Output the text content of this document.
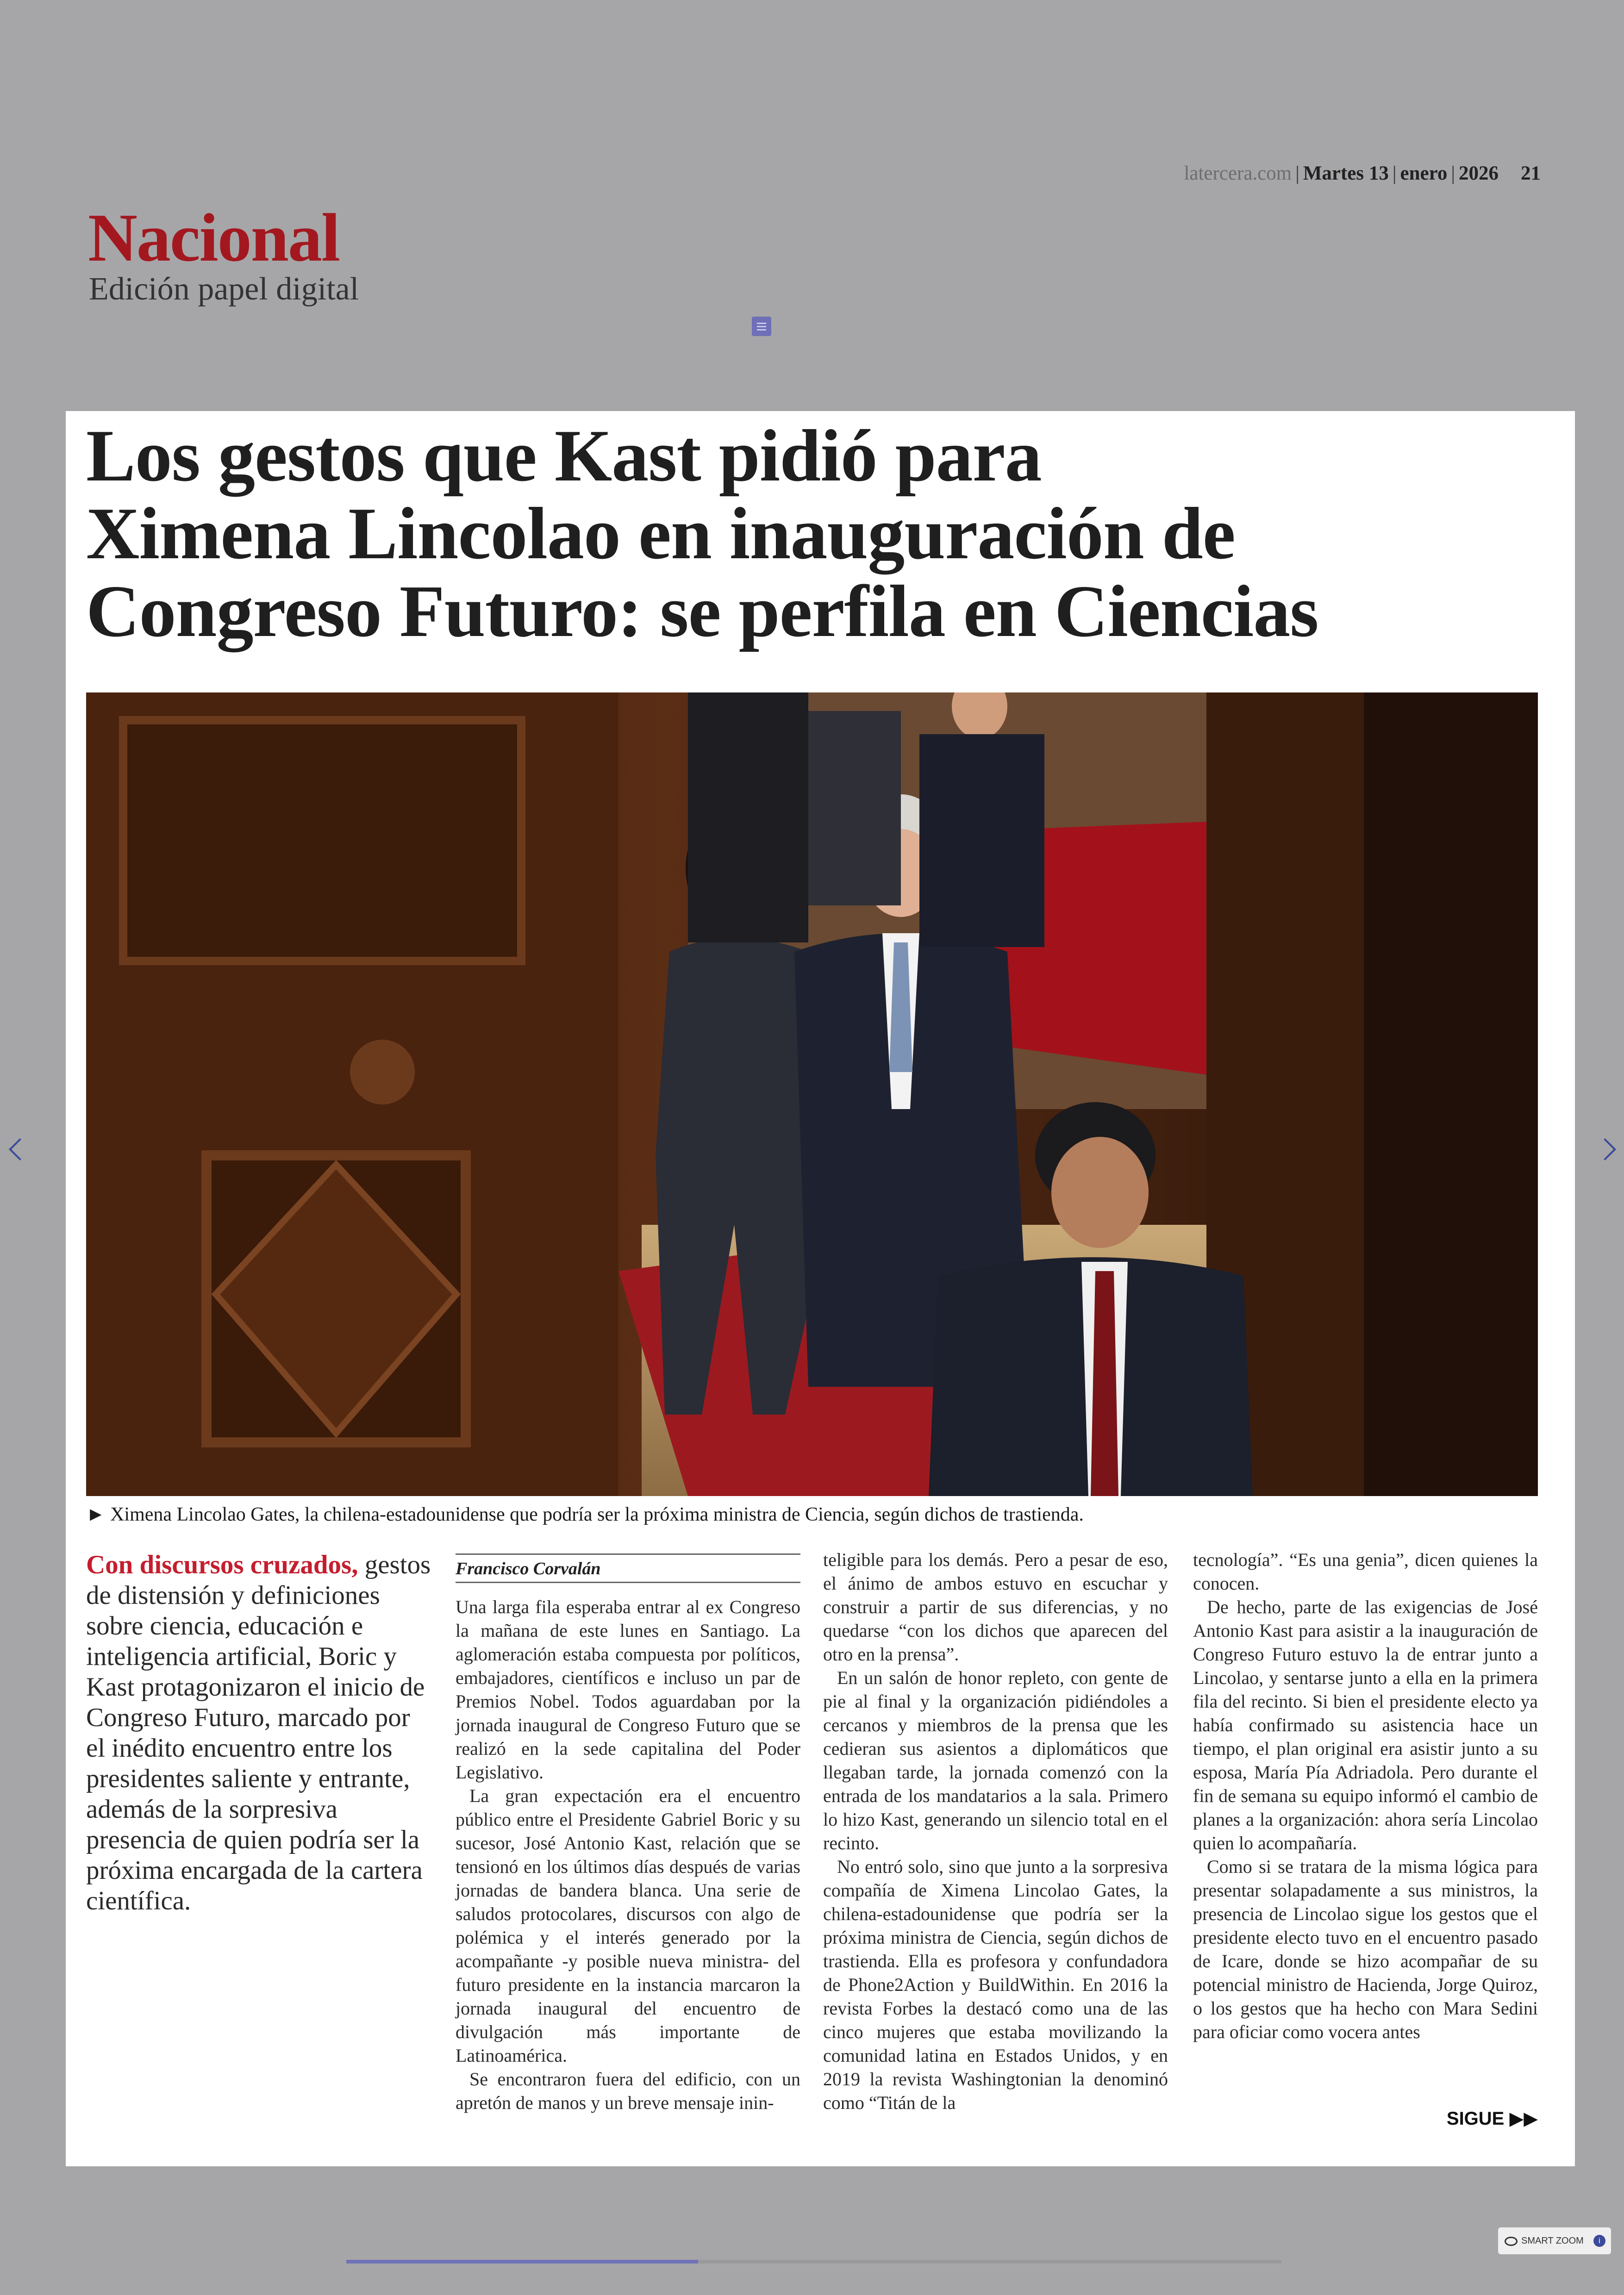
latercera.com | Martes 13 | enero | 2026 21
Nacional
Edición papel digital
Los gestos que Kast pidió para
Ximena Lincolao en inauguración de
Congreso Futuro: se perfila en Ciencias
► Ximena Lincolao Gates, la chilena-estadounidense que podría ser la próxima ministra de Ciencia, según dichos de trastienda.
Con discursos cruzados, gestos de distensión y definiciones sobre ciencia, educación e inteligencia artificial, Boric y Kast protagonizaron el inicio de Congreso Futuro, marcado por el inédito encuentro entre los presidentes saliente y entrante, además de la sorpresiva presencia de quien podría ser la próxima encargada de la cartera científica.
Francisco Corvalán

Una larga fila esperaba entrar al ex Congreso la mañana de este lunes en Santiago. La aglomeración estaba compuesta por políticos, embajadores, científicos e incluso un par de Premios Nobel. Todos aguardaban por la jornada inaugural de Congreso Futuro que se realizó en la sede capitalina del Poder Legislativo.

La gran expectación era el encuentro público entre el Presidente Gabriel Boric y su sucesor, José Antonio Kast, relación que se tensionó en los últimos días después de varias jornadas de bandera blanca. Una serie de saludos protocolares, discursos con algo de polémica y el interés generado por la acompañante -y posible nueva ministra- del futuro presidente en la instancia marcaron la jornada inaugural del encuentro de divulgación más importante de Latinoamérica.

Se encontraron fuera del edificio, con un apretón de manos y un breve mensaje inin-

teligible para los demás. Pero a pesar de eso, el ánimo de ambos estuvo en escuchar y construir a partir de sus diferencias, y no quedarse “con los dichos que aparecen del otro en la prensa”.

En un salón de honor repleto, con gente de pie al final y la organización pidiéndoles a cercanos y miembros de la prensa que les cedieran sus asientos a diplomáticos que llegaban tarde, la jornada comenzó con la entrada de los mandatarios a la sala. Primero lo hizo Kast, generando un silencio total en el recinto.

No entró solo, sino que junto a la sorpresiva compañía de Ximena Lincolao Gates, la chilena-estadounidense que podría ser la próxima ministra de Ciencia, según dichos de trastienda. Ella es profesora y confundadora de Phone2Action y BuildWithin. En 2016 la revista Forbes la destacó como una de las cinco mujeres que estaba movilizando la comunidad latina en Estados Unidos, y en 2019 la revista Washingtonian la denominó como “Titán de la

tecnología”. “Es una genia”, dicen quienes la conocen.

De hecho, parte de las exigencias de José Antonio Kast para asistir a la inauguración de Congreso Futuro estuvo la de entrar junto a Lincolao, y sentarse junto a ella en la primera fila del recinto. Si bien el presidente electo ya había confirmado su asistencia hace un tiempo, el plan original era asistir junto a su esposa, María Pía Adriadola. Pero durante el fin de semana su equipo informó el cambio de planes a la organización: ahora sería Lincolao quien lo acompañaría.

Como si se tratara de la misma lógica para presentar solapadamente a sus ministros, la presencia de Lincolao sigue los gestos que el presidente electo tuvo en el encuentro pasado de Icare, donde se hizo acompañar de su potencial ministro de Hacienda, Jorge Quiroz, o los gestos que ha hecho con Mara Sedini para oficiar como vocera antes

SIGUE ▶▶
SMART ZOOM	i
